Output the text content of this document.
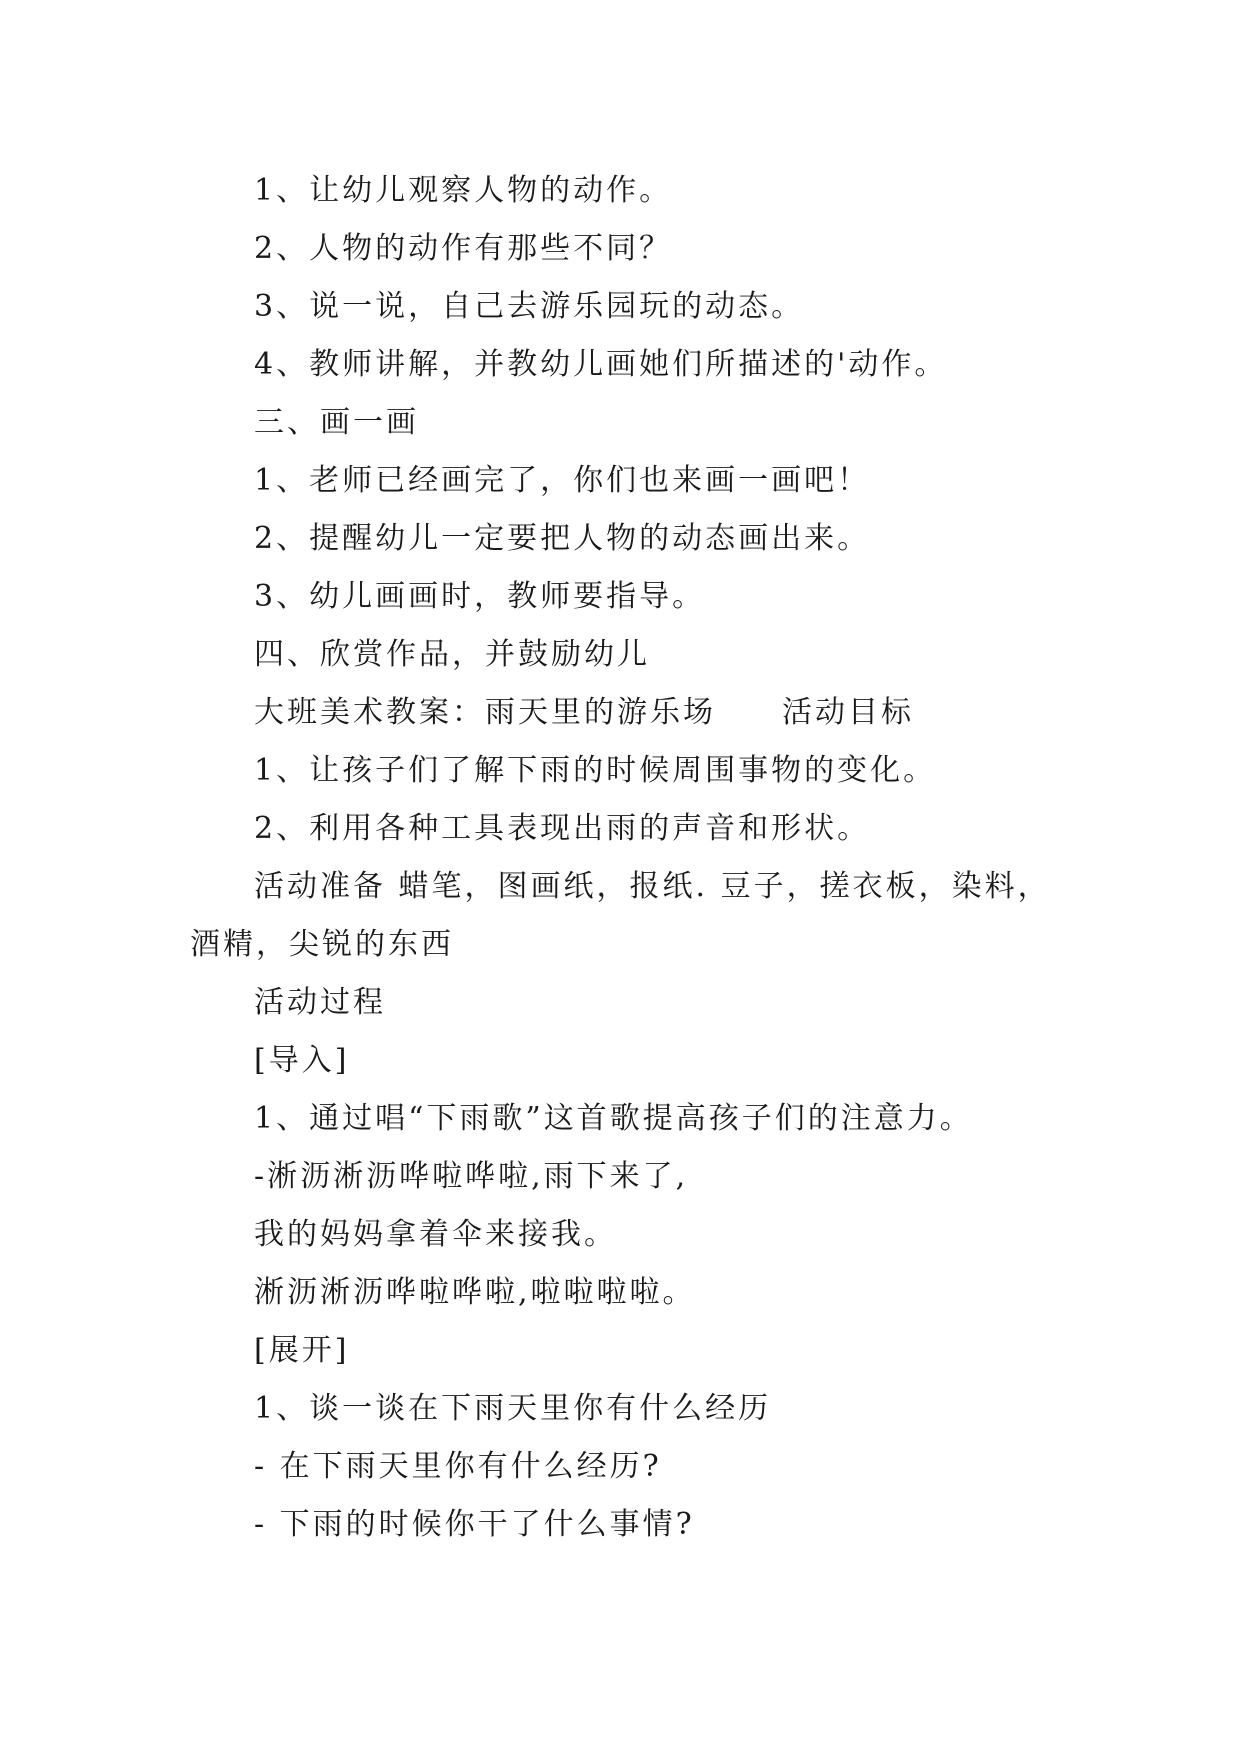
1、让幼儿观察人物的动作。
2、人物的动作有那些不同？
3、说一说，自己去游乐园玩的动态。
4、教师讲解，并教幼儿画她们所描述的'动作。
三、画一画
1、老师已经画完了，你们也来画一画吧！
2、提醒幼儿一定要把人物的动态画出来。
3、幼儿画画时，教师要指导。
四、欣赏作品，并鼓励幼儿
大班美术教案：雨天里的游乐场　　活动目标
1、让孩子们了解下雨的时候周围事物的变化。
2、利用各种工具表现出雨的声音和形状。
活动准备 蜡笔，图画纸，报纸. 豆子，搓衣板，染料，酒精，尖锐的东西
活动过程
[导入]
1、通过唱“下雨歌”这首歌提高孩子们的注意力。
-淅沥淅沥哗啦哗啦,雨下来了,
我的妈妈拿着伞来接我。
淅沥淅沥哗啦哗啦,啦啦啦啦。
[展开]
1、谈一谈在下雨天里你有什么经历
- 在下雨天里你有什么经历?
- 下雨的时候你干了什么事情?
